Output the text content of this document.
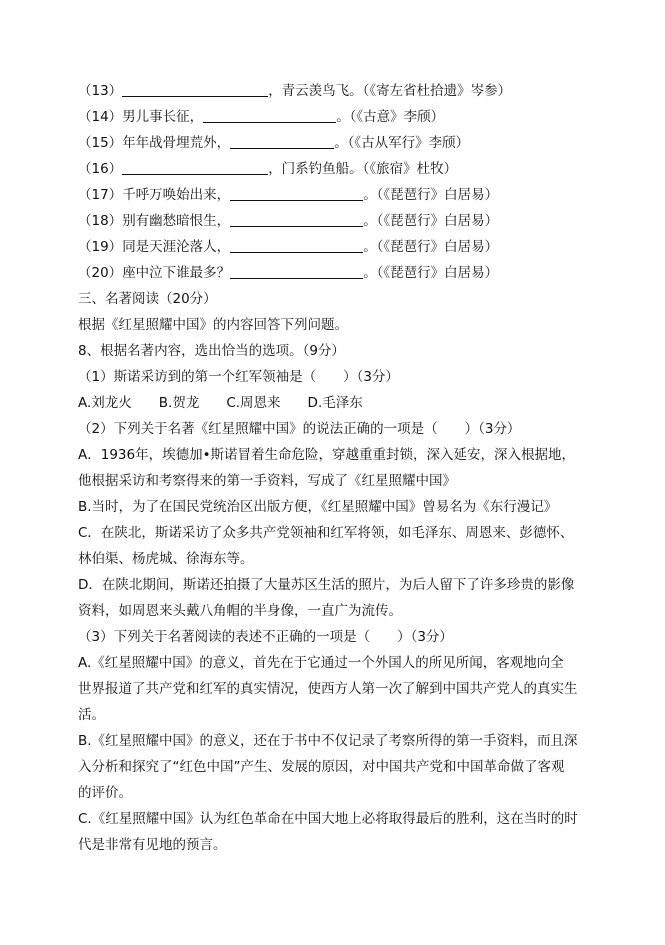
（13）	，青云羡鸟飞。（《寄左省杜拾遗》岑参）
（14）男儿事长征，	。（《古意》李颀）
（15）年年战骨埋荒外，	。（《古从军行》李颀）
（16）	，门系钓鱼船。（《旅宿》杜牧）
（17）千呼万唤始出来，	。（《琵琶行》白居易）
（18）别有幽愁暗恨生，	。（《琵琶行》白居易）
（19）同是天涯沦落人，	。（《琵琶行》白居易）
（20）座中泣下谁最多？	。（《琵琶行》白居易）
三、名著阅读（20分）
根据《红星照耀中国》的内容回答下列问题。
8、根据名著内容，选出恰当的选项。（9分）
（1）斯诺采访到的第一个红军领袖是（　　）（3分）
A.刘龙火　　B.贺龙　　C.周恩来　　D.毛泽东
（2）下列关于名著《红星照耀中国》的说法正确的一项是（　　）（3分）
A．1936年，埃德加•斯诺冒着生命危险，穿越重重封锁，深入延安，深入根据地，
他根据采访和考察得来的第一手资料，写成了《红星照耀中国》
B.当时，为了在国民党统治区出版方便，《红星照耀中国》曾易名为《东行漫记》
C．在陕北，斯诺采访了众多共产党领袖和红军将领，如毛泽东、周恩来、彭德怀、
林伯渠、杨虎城、徐海东等。
D．在陕北期间，斯诺还拍摄了大量苏区生活的照片，为后人留下了许多珍贵的影像
资料，如周恩来头戴八角帽的半身像，一直广为流传。
（3）下列关于名著阅读的表述不正确的一项是（　　）（3分）
A.《红星照耀中国》的意义，首先在于它通过一个外国人的所见所闻，客观地向全
世界报道了共产党和红军的真实情况，使西方人第一次了解到中国共产党人的真实生
活。
B.《红星照耀中国》的意义，还在于书中不仅记录了考察所得的第一手资料，而且深
入分析和探究了“红色中国”产生、发展的原因，对中国共产党和中国革命做了客观
的评价。
C.《红星照耀中国》认为红色革命在中国大地上必将取得最后的胜利，这在当时的时
代是非常有见地的预言。
